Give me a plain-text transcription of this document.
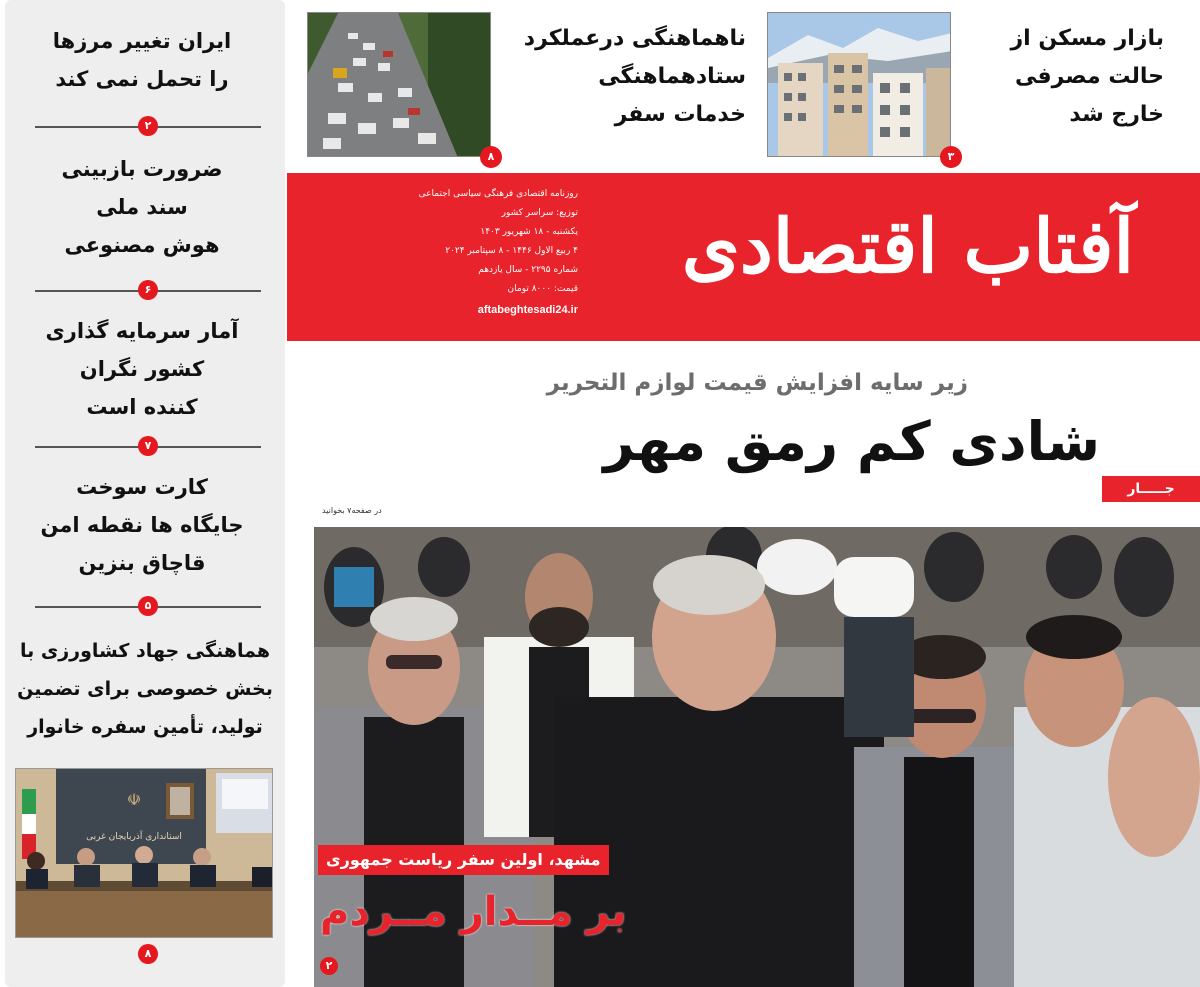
ایران تغییر مرزها
را تحمل نمی کند
۲
ضرورت بازبینی
سند ملی
هوش مصنوعی
۶
آمار سرمایه گذاری
کشور نگران
کننده است
۷
کارت سوخت
جایگاه ها نقطه امن
قاچاق بنزین
۵
هماهنگی جهاد کشاورزی با
بخش خصوصی برای تضمین
تولید، تأمین سفره خانوار
استانداری آذربایجان غربی
☫
۸
بازار مسکن از
حالت مصرفی
خارج شد
۳
ناهماهنگی درعملکرد
ستادهماهنگی
خدمات سفر
۸
روزنامه اقتصادی فرهنگی سیاسی اجتماعی
توزیع: سراسر کشور
یکشنبه - ۱۸ شهریور ۱۴۰۳
۴ ربیع الاول ۱۴۴۶ - ۸ سپتامبر ۲۰۲۴
شماره ۲۲۹۵ - سال یازدهم
قیمت: ۸۰۰۰ تومان
aftabeghtesadi24.ir
آفتاب اقتصادی
زیر سایه افزایش قیمت لوازم التحریر
شادی کم رمق مهر
در صفحه۷ بخوانید
جـــــار
مشهد، اولین سفر ریاست جمهوری
بر مــدار مــردم
۲
